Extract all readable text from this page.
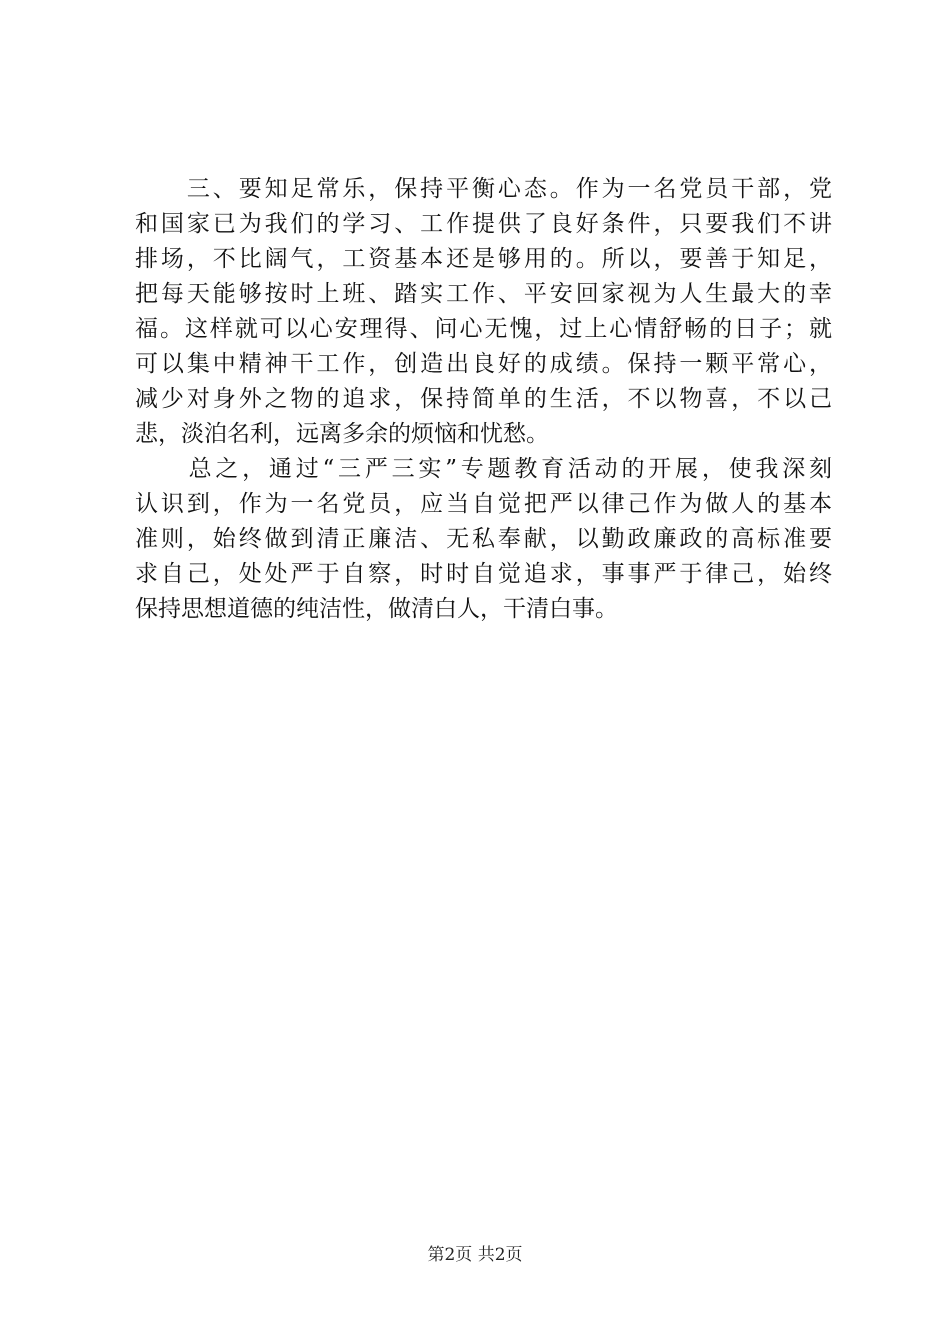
　　三、要知足常乐，保持平衡心态。作为一名党员干部，党
和国家已为我们的学习、工作提供了良好条件，只要我们不讲
排场，不比阔气，工资基本还是够用的。所以，要善于知足，
把每天能够按时上班、踏实工作、平安回家视为人生最大的幸
福。这样就可以心安理得、问心无愧，过上心情舒畅的日子；就
可以集中精神干工作，创造出良好的成绩。保持一颗平常心，
减少对身外之物的追求，保持简单的生活，不以物喜，不以己
悲，淡泊名利，远离多余的烦恼和忧愁。
　　总之，通过“三严三实”专题教育活动的开展，使我深刻
认识到，作为一名党员，应当自觉把严以律己作为做人的基本
准则，始终做到清正廉洁、无私奉献，以勤政廉政的高标准要
求自己，处处严于自察，时时自觉追求，事事严于律己，始终
保持思想道德的纯洁性，做清白人，干清白事。
第2页 共2页
